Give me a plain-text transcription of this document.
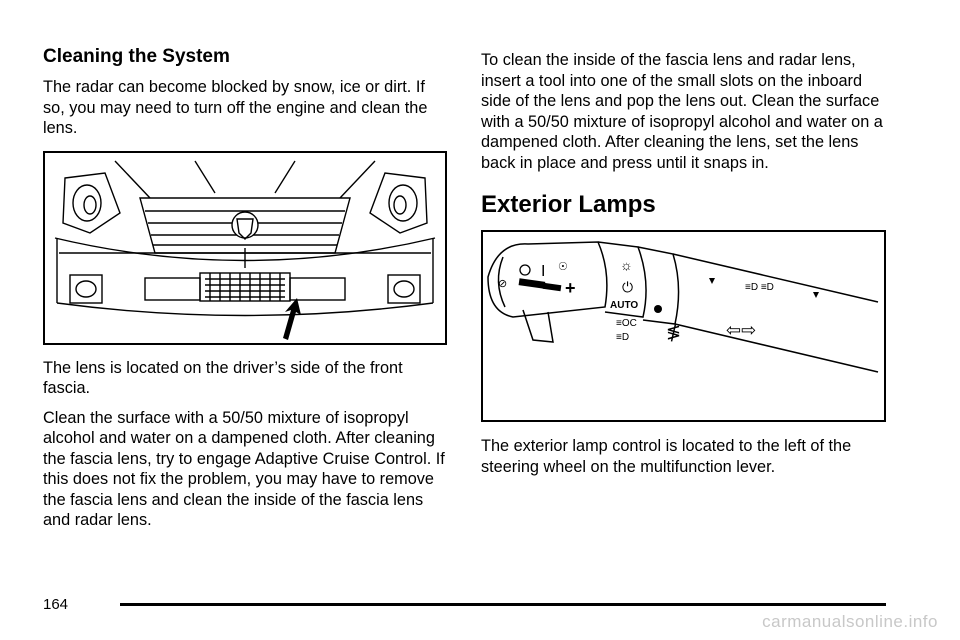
Cleaning the System

The radar can become blocked by snow, ice or dirt. If so, you may need to turn off the engine and clean the lens.

The lens is located on the driver’s side of the front fascia.

Clean the surface with a 50/50 mixture of isopropyl alcohol and water on a dampened cloth. After cleaning the fascia lens, try to engage Adaptive Cruise Control. If this does not fix the problem, you may have to remove the fascia lens and clean the inside of the fascia lens and radar lens.

To clean the inside of the fascia lens and radar lens, insert a tool into one of the small slots on the inboard side of the lens and pop the lens out. Clean the surface with a 50/50 mixture of isopropyl alcohol and water on a dampened cloth. After cleaning the lens, set the lens back in place and press until it snaps in.

Exterior Lamps
+
I ☉
⊘
☼
⏻
AUTO
≡OC
≡D ≸
≡D ≡D
⇦⇨

The exterior lamp control is located to the left of the steering wheel on the multifunction lever.

164
carmanualsonline.info
